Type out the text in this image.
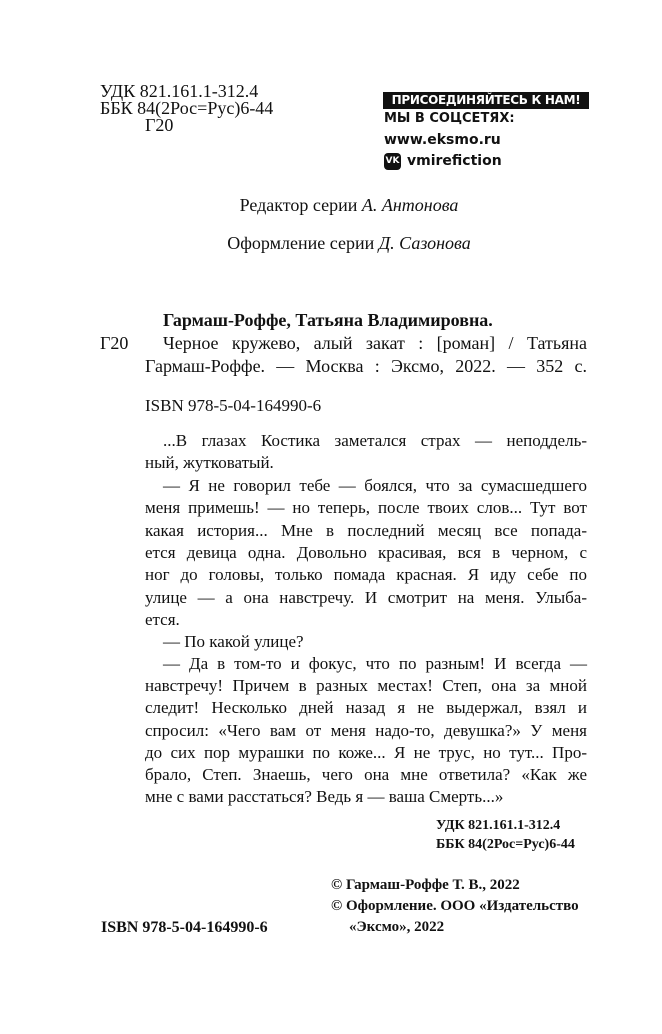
УДК 821.161.1-312.4
ББК 84(2Рос=Рус)6-44
Г20
ПРИСОЕДИНЯЙТЕСЬ К НАМ!
МЫ В СОЦСЕТЯХ:
www.eksmo.ru
VK vmirefiction
Редактор серии А. Антонова
Оформление серии Д. Сазонова
Гармаш-Роффе, Татьяна Владимировна.
Г20 Черное кружево, алый закат : [роман] / Татьяна
Гармаш-Роффе. — Москва : Эксмо, 2022. — 352 с.
ISBN 978-5-04-164990-6
...В глазах Костика заметался страх — неподдель-
ный, жутковатый.
— Я не говорил тебе — боялся, что за сумасшедшего
меня примешь! — но теперь, после твоих слов... Тут вот
какая история... Мне в последний месяц все попада-
ется девица одна. Довольно красивая, вся в черном, с
ног до головы, только помада красная. Я иду себе по
улице — а она навстречу. И смотрит на меня. Улыба-
ется.
— По какой улице?
— Да в том-то и фокус, что по разным! И всегда —
навстречу! Причем в разных местах! Степ, она за мной
следит! Несколько дней назад я не выдержал, взял и
спросил: «Чего вам от меня надо-то, девушка?» У меня
до сих пор мурашки по коже... Я не трус, но тут... Про-
брало, Степ. Знаешь, чего она мне ответила? «Как же
мне с вами расстаться? Ведь я — ваша Смерть...»
УДК 821.161.1-312.4
ББК 84(2Рос=Рус)6-44
© Гармаш-Роффе Т. В., 2022
© Оформление. ООО «Издательство
«Эксмо», 2022
ISBN 978-5-04-164990-6
